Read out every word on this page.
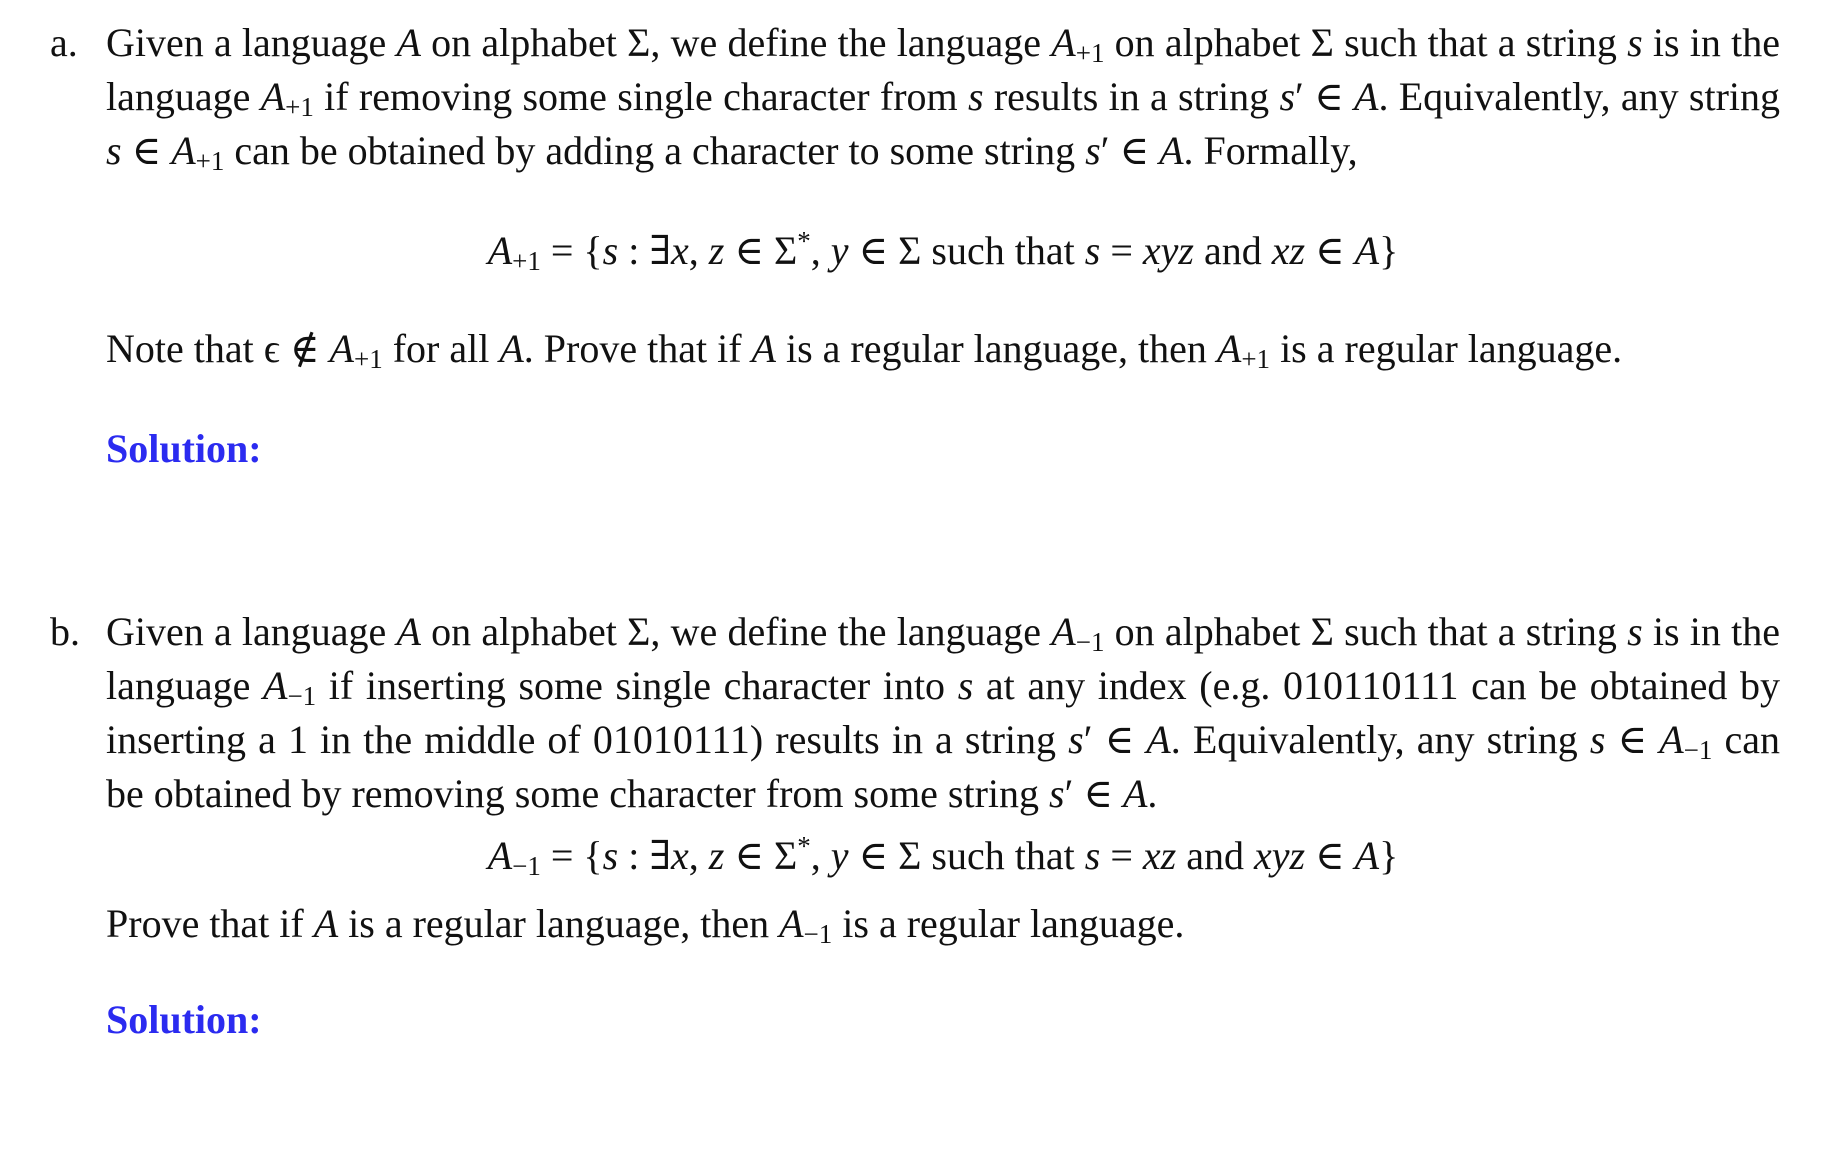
a. Given a language A on alphabet Σ, we define the language $A_{+1}$ on alphabet Σ such that a string s is in the language $A_{+1}$ if removing some single character from s results in a string s′ ∈ A. Equivalently, any string s ∈ $A_{+1}$ can be obtained by adding a character to some string s′ ∈ A. Formally,
$A_{+1} = \{s$ : ∃x, z ∈ Σ*, y ∈ Σ such that s = xyz and xz ∈ A}
Note that ϵ ∉ $A_{+1}$ for all A. Prove that if A is a regular language, then $A_{+1}$ is a regular language.
Solution:
b. Given a language A on alphabet Σ, we define the language $A_{-1}$ on alphabet Σ such that a string s is in the language $A_{-1}$ if inserting some single character into s at any index (e.g. 010110111 can be obtained by inserting a 1 in the middle of 01010111) results in a string s′ ∈ A. Equivalently, any string s ∈ $A_{-1}$ can be obtained by removing some character from some string s′ ∈ A.
$A_{-1} = \{s$ : ∃x, z ∈ Σ*, y ∈ Σ such that s = xz and xyz ∈ A}
Prove that if A is a regular language, then $A_{-1}$ is a regular language.
Solution:
